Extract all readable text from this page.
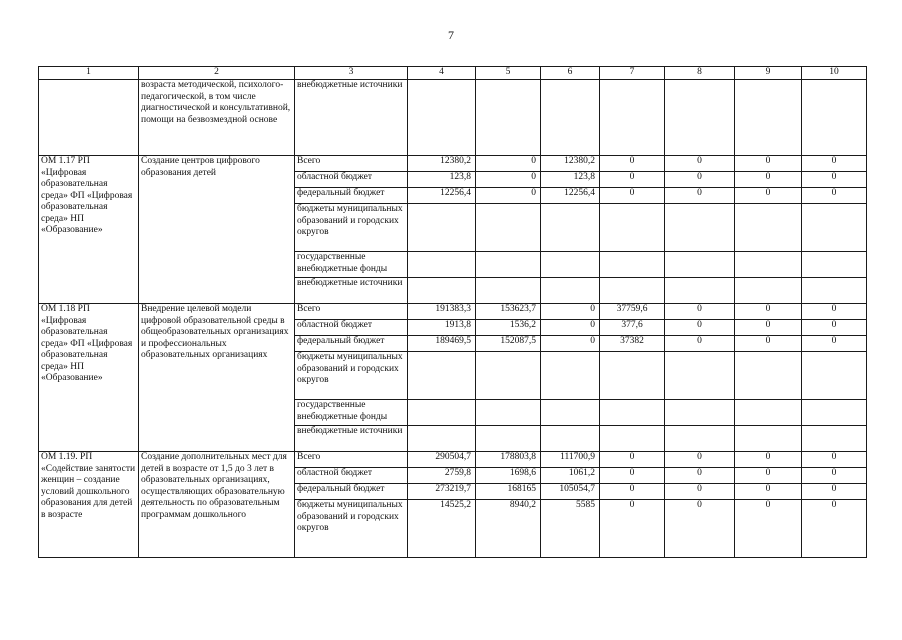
7
1	2	3	4	5	6	7	8	9	10
	возраста методической, психолого-педагогической, в том числе диагностической и консультативной, помощи на безвозмездной основе	внебюджетные источники							
ОМ 1.17 РП «Цифровая образовательная среда» ФП «Цифровая образовательная среда» НП «Образование»	Создание центров цифрового образования детей	Всего	12380,2	0	12380,2	0	0	0	0
		областной бюджет	123,8	0	123,8	0	0	0	0
		федеральный бюджет	12256,4	0	12256,4	0	0	0	0
		бюджеты муниципальных образований и городских округов							
		государственные внебюджетные фонды							
		внебюджетные источники							
ОМ 1.18 РП «Цифровая образовательная среда» ФП «Цифровая образовательная среда» НП «Образование»	Внедрение целевой модели цифровой образовательной среды в общеобразовательных организациях и профессиональных образовательных организациях	Всего	191383,3	153623,7	0	37759,6	0	0	0
		областной бюджет	1913,8	1536,2	0	377,6	0	0	0
		федеральный бюджет	189469,5	152087,5	0	37382	0	0	0
		бюджеты муниципальных образований и городских округов							
		государственные внебюджетные фонды							
		внебюджетные источники							
ОМ 1.19. РП «Содействие занятости женщин – создание условий дошкольного образования для детей в возрасте	Создание дополнительных мест для детей в возрасте от 1,5 до 3 лет в образовательных организациях, осуществляющих образовательную деятельность по образовательным программам дошкольного	Всего	290504,7	178803,8	111700,9	0	0	0	0
		областной бюджет	2759,8	1698,6	1061,2	0	0	0	0
		федеральный бюджет	273219,7	168165	105054,7	0	0	0	0
		бюджеты муниципальных образований и городских округов	14525,2	8940,2	5585	0	0	0	0
